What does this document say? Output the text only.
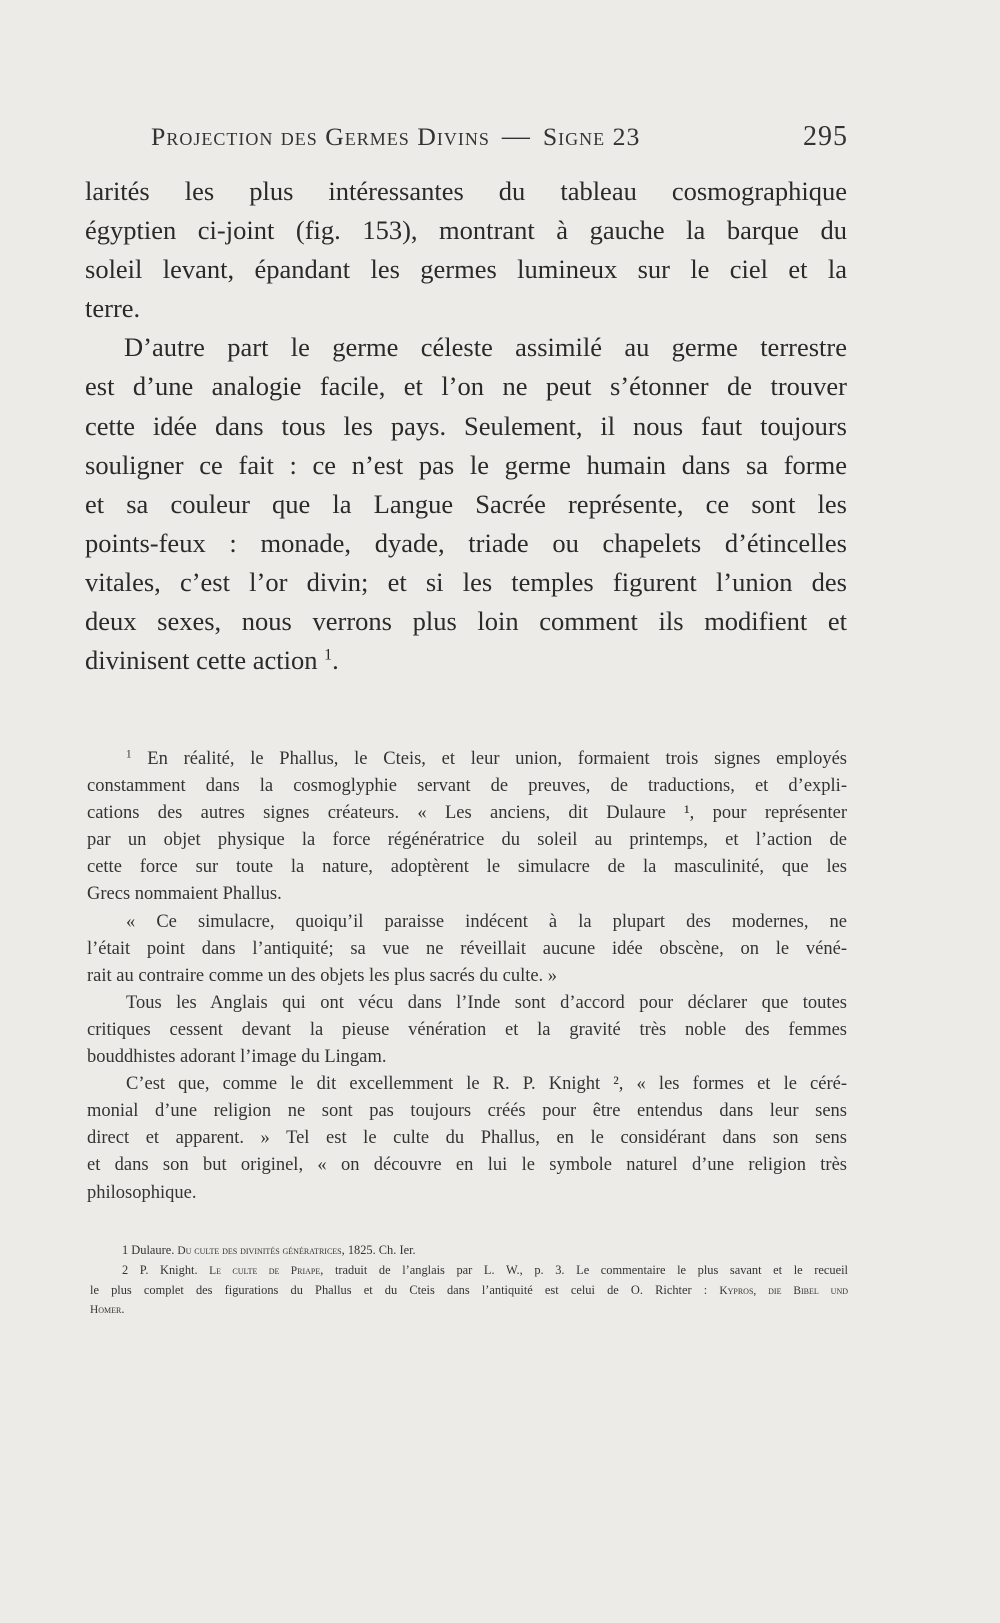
Projection des Germes Divins — Signe 23	295

larités les plus intéressantes du tableau cosmographique

égyptien ci-joint (fig. 153), montrant à gauche la barque du

soleil levant, épandant les germes lumineux sur le ciel et la

terre.

D’autre part le germe céleste assimilé au germe terrestre

est d’une analogie facile, et l’on ne peut s’étonner de trouver

cette idée dans tous les pays. Seulement, il nous faut toujours

souligner ce fait : ce n’est pas le germe humain dans sa forme

et sa couleur que la Langue Sacrée représente, ce sont les

points-feux : monade, dyade, triade ou chapelets d’étincelles

vitales, c’est l’or divin; et si les temples figurent l’union des

deux sexes, nous verrons plus loin comment ils modifient et

divinisent cette action $^1$.

$^1$ En réalité, le Phallus, le Cteis, et leur union, formaient trois signes employés

constamment dans la cosmoglyphie servant de preuves, de traductions, et d’expli-

cations des autres signes créateurs. « Les anciens, dit Dulaure ¹, pour représenter

par un objet physique la force régénératrice du soleil au printemps, et l’action de

cette force sur toute la nature, adoptèrent le simulacre de la masculinité, que les

Grecs nommaient Phallus.

« Ce simulacre, quoiqu’il paraisse indécent à la plupart des modernes, ne

l’était point dans l’antiquité; sa vue ne réveillait aucune idée obscène, on le véné-

rait au contraire comme un des objets les plus sacrés du culte. »

Tous les Anglais qui ont vécu dans l’Inde sont d’accord pour déclarer que toutes

critiques cessent devant la pieuse vénération et la gravité très noble des femmes

bouddhistes adorant l’image du Lingam.

C’est que, comme le dit excellemment le R. P. Knight ², « les formes et le céré-

monial d’une religion ne sont pas toujours créés pour être entendus dans leur sens

direct et apparent. » Tel est le culte du Phallus, en le considérant dans son sens

et dans son but originel, « on découvre en lui le symbole naturel d’une religion très

philosophique.

1 Dulaure. Du culte des divinités génératrices, 1825. Ch. Ier.

2 P. Knight. Le culte de Priape, traduit de l’anglais par L. W., p. 3. Le commentaire le plus savant et le recueil

le plus complet des figurations du Phallus et du Cteis dans l’antiquité est celui de O. Richter : Kypros, die Bibel und

Homer.
